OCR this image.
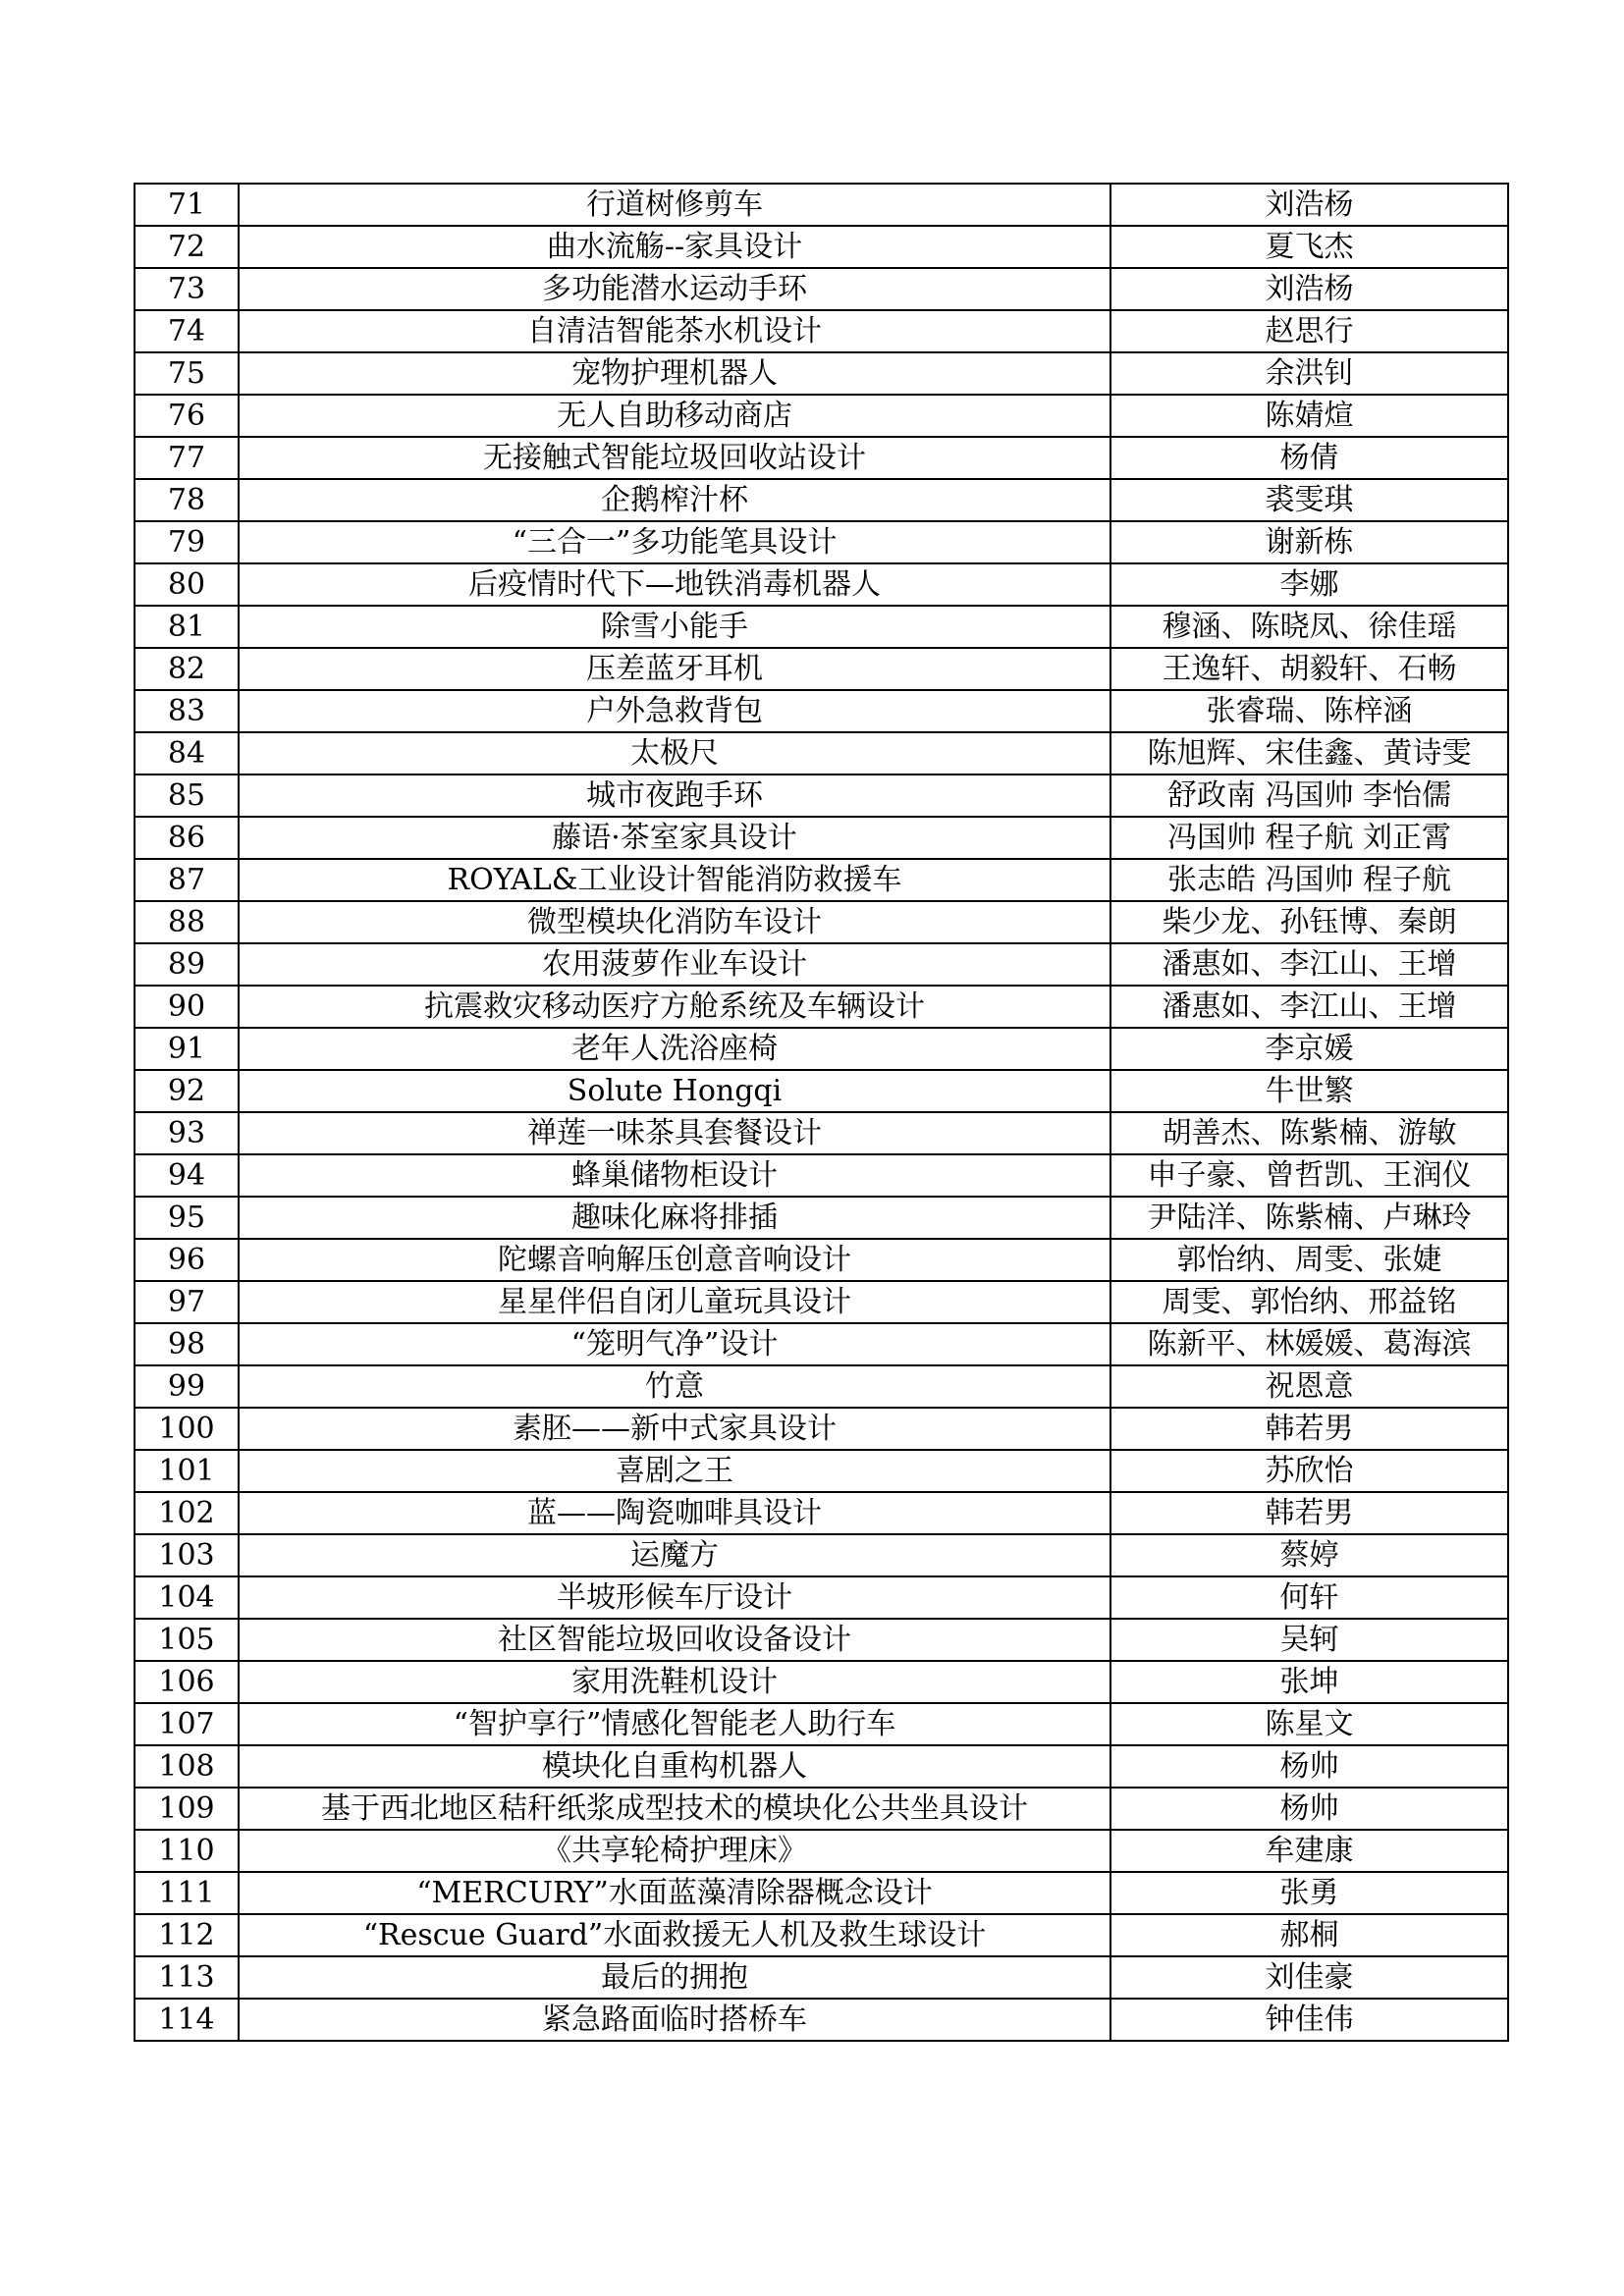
71	行道树修剪车	刘浩杨
72	曲水流觞--家具设计	夏飞杰
73	多功能潜水运动手环	刘浩杨
74	自清洁智能茶水机设计	赵思行
75	宠物护理机器人	余洪钊
76	无人自助移动商店	陈婧煊
77	无接触式智能垃圾回收站设计	杨倩
78	企鹅榨汁杯	裘雯琪
79	“三合一”多功能笔具设计	谢新栋
80	后疫情时代下—地铁消毒机器人	李娜
81	除雪小能手	穆涵、陈晓凤、徐佳瑶
82	压差蓝牙耳机	王逸轩、胡毅轩、石畅
83	户外急救背包	张睿瑞、陈梓涵
84	太极尺	陈旭辉、宋佳鑫、黄诗雯
85	城市夜跑手环	舒政南 冯国帅 李怡儒
86	藤语·茶室家具设计	冯国帅 程子航 刘正霄
87	ROYAL&工业设计智能消防救援车	张志皓 冯国帅 程子航
88	微型模块化消防车设计	柴少龙、孙钰博、秦朗
89	农用菠萝作业车设计	潘惠如、李江山、王增
90	抗震救灾移动医疗方舱系统及车辆设计	潘惠如、李江山、王增
91	老年人洗浴座椅	李京媛
92	Solute Hongqi	牛世繁
93	禅莲一味茶具套餐设计	胡善杰、陈紫楠、游敏
94	蜂巢储物柜设计	申子豪、曾哲凯、王润仪
95	趣味化麻将排插	尹陆洋、陈紫楠、卢琳玲
96	陀螺音响解压创意音响设计	郭怡纳、周雯、张婕
97	星星伴侣自闭儿童玩具设计	周雯、郭怡纳、邢益铭
98	“笼明气净”设计	陈新平、林媛媛、葛海滨
99	竹意	祝恩意
100	素胚——新中式家具设计	韩若男
101	喜剧之王	苏欣怡
102	蓝——陶瓷咖啡具设计	韩若男
103	运魔方	蔡婷
104	半坡形候车厅设计	何轩
105	社区智能垃圾回收设备设计	吴轲
106	家用洗鞋机设计	张坤
107	“智护享行”情感化智能老人助行车	陈星文
108	模块化自重构机器人	杨帅
109	基于西北地区秸秆纸浆成型技术的模块化公共坐具设计	杨帅
110	《共享轮椅护理床》	牟建康
111	“MERCURY”水面蓝藻清除器概念设计	张勇
112	“Rescue Guard”水面救援无人机及救生球设计	郝桐
113	最后的拥抱	刘佳豪
114	紧急路面临时搭桥车	钟佳伟
